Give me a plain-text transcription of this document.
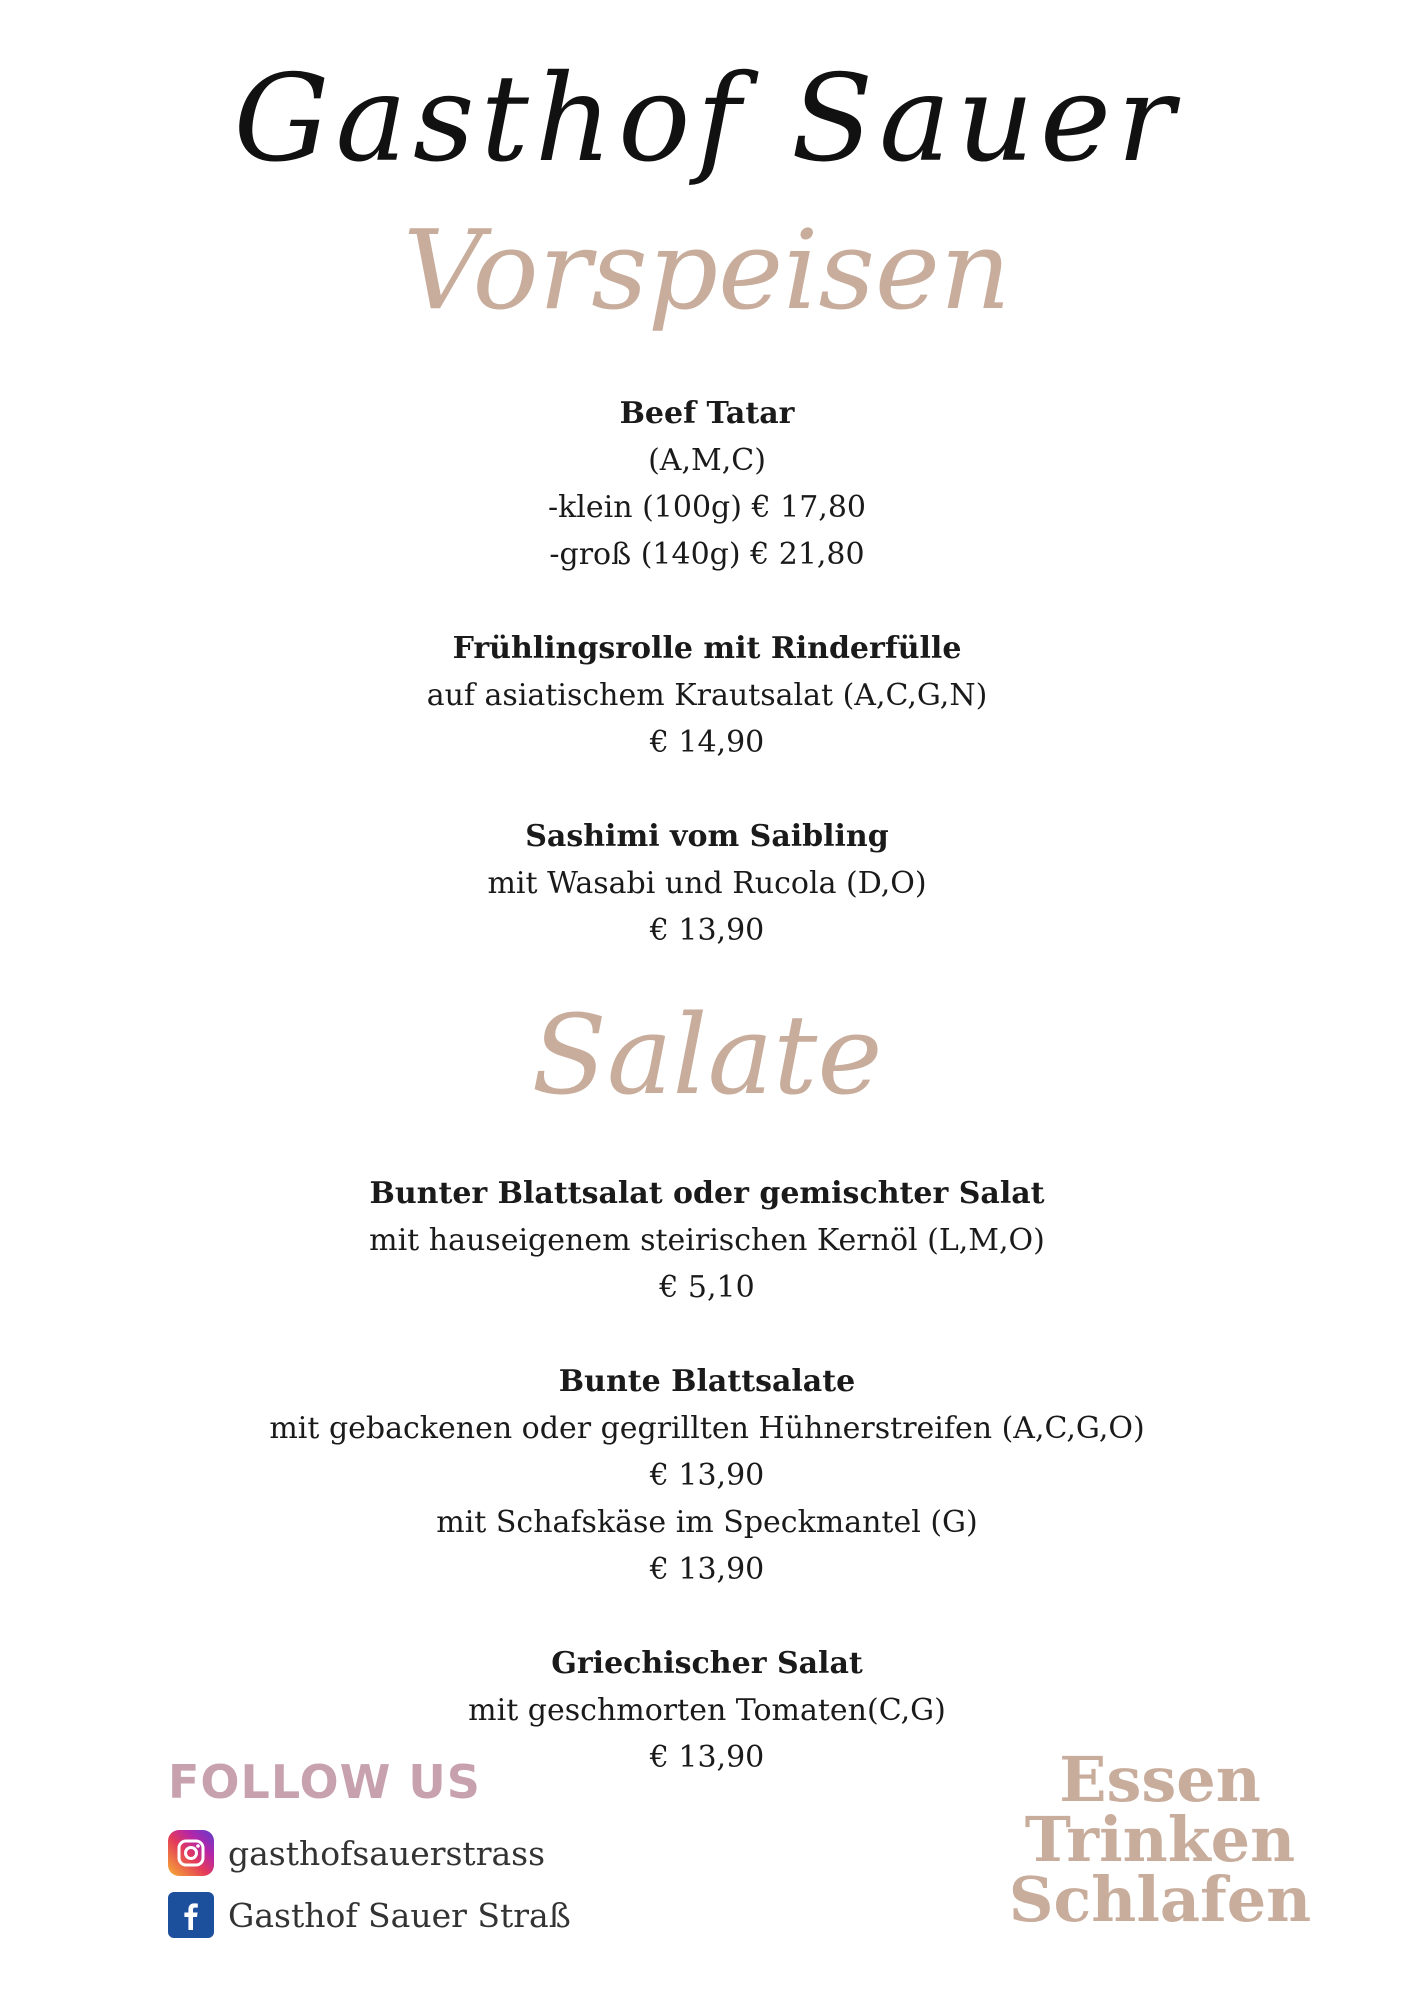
Gasthof Sauer
Vorspeisen

Beef Tatar

(A,M,C)

-klein (100g) € 17,80

-groß (140g) € 21,80

Frühlingsrolle mit Rinderfülle

auf asiatischem Krautsalat (A,C,G,N)

€ 14,90

Sashimi vom Saibling

mit Wasabi und Rucola (D,O)

€ 13,90

Salate

Bunter Blattsalat oder gemischter Salat

mit hauseigenem steirischen Kernöl (L,M,O)

€ 5,10

Bunte Blattsalate

mit gebackenen oder gegrillten Hühnerstreifen (A,C,G,O)

€ 13,90

mit Schafskäse im Speckmantel (G)

€ 13,90

Griechischer Salat

mit geschmorten Tomaten(C,G)

€ 13,90

FOLLOW US
gasthofsauerstrass
Gasthof Sauer Straß
Essen
Trinken
Schlafen
